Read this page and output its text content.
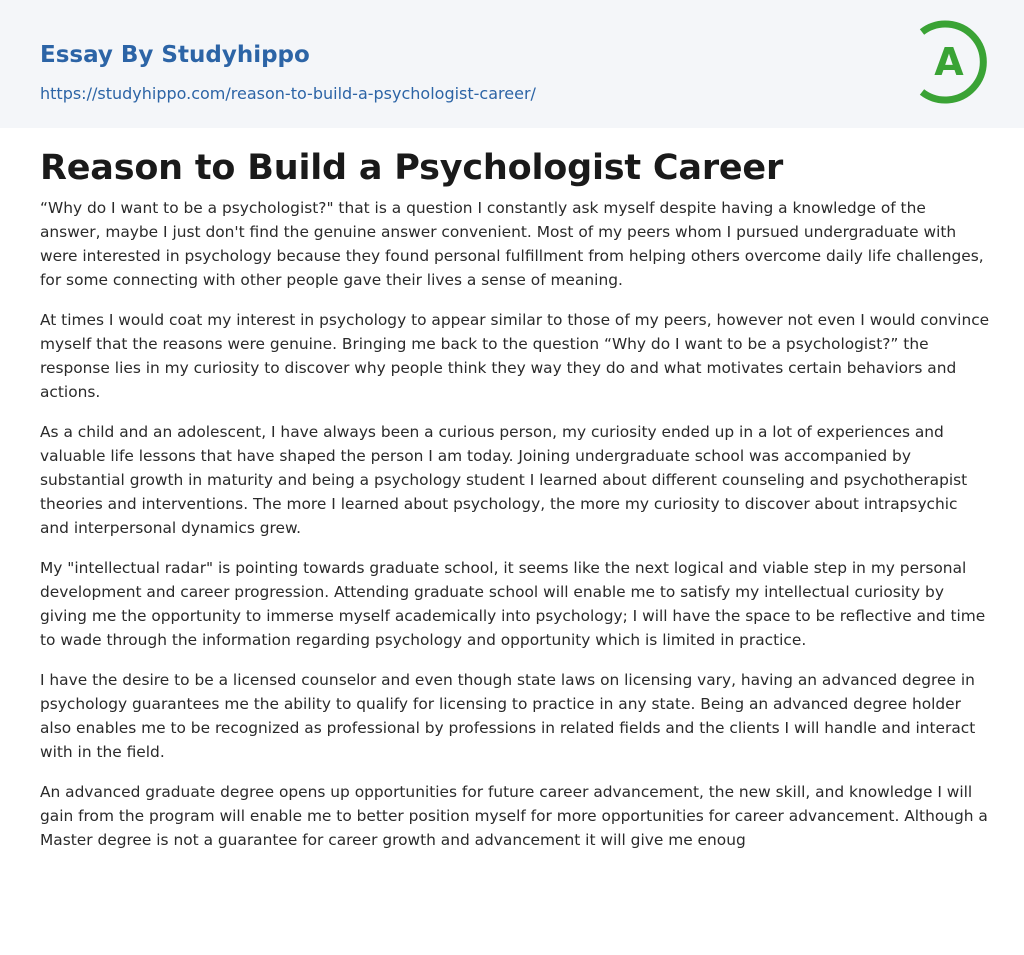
Essay By Studyhippo
https://studyhippo.com/reason-to-build-a-psychologist-career/
A
Reason to Build a Psychologist Career

“Why do I want to be a psychologist?" that is a question I constantly ask myself despite having a knowledge of the answer, maybe I just don't find the genuine answer convenient. Most of my peers whom I pursued undergraduate with were interested in psychology because they found personal fulfillment from helping others overcome daily life challenges, for some connecting with other people gave their lives a sense of meaning.

At times I would coat my interest in psychology to appear similar to those of my peers, however not even I would convince myself that the reasons were genuine. Bringing me back to the question “Why do I want to be a psychologist?” the response lies in my curiosity to discover why people think they way they do and what motivates certain behaviors and actions.

As a child and an adolescent, I have always been a curious person, my curiosity ended up in a lot of experiences and valuable life lessons that have shaped the person I am today. Joining undergraduate school was accompanied by substantial growth in maturity and being a psychology student I learned about different counseling and psychotherapist theories and interventions. The more I learned about psychology, the more my curiosity to discover about intrapsychic and interpersonal dynamics grew.

My "intellectual radar" is pointing towards graduate school, it seems like the next logical and viable step in my personal development and career progression. Attending graduate school will enable me to satisfy my intellectual curiosity by giving me the opportunity to immerse myself academically into psychology; I will have the space to be reflective and time to wade through the information regarding psychology and opportunity which is limited in practice.

I have the desire to be a licensed counselor and even though state laws on licensing vary, having an advanced degree in psychology guarantees me the ability to qualify for licensing to practice in any state. Being an advanced degree holder also enables me to be recognized as professional by professions in related fields and the clients I will handle and interact with in the field.

An advanced graduate degree opens up opportunities for future career advancement, the new skill, and knowledge I will gain from the program will enable me to better position myself for more opportunities for career advancement. Although a Master degree is not a guarantee for career growth and advancement it will give me enoug
